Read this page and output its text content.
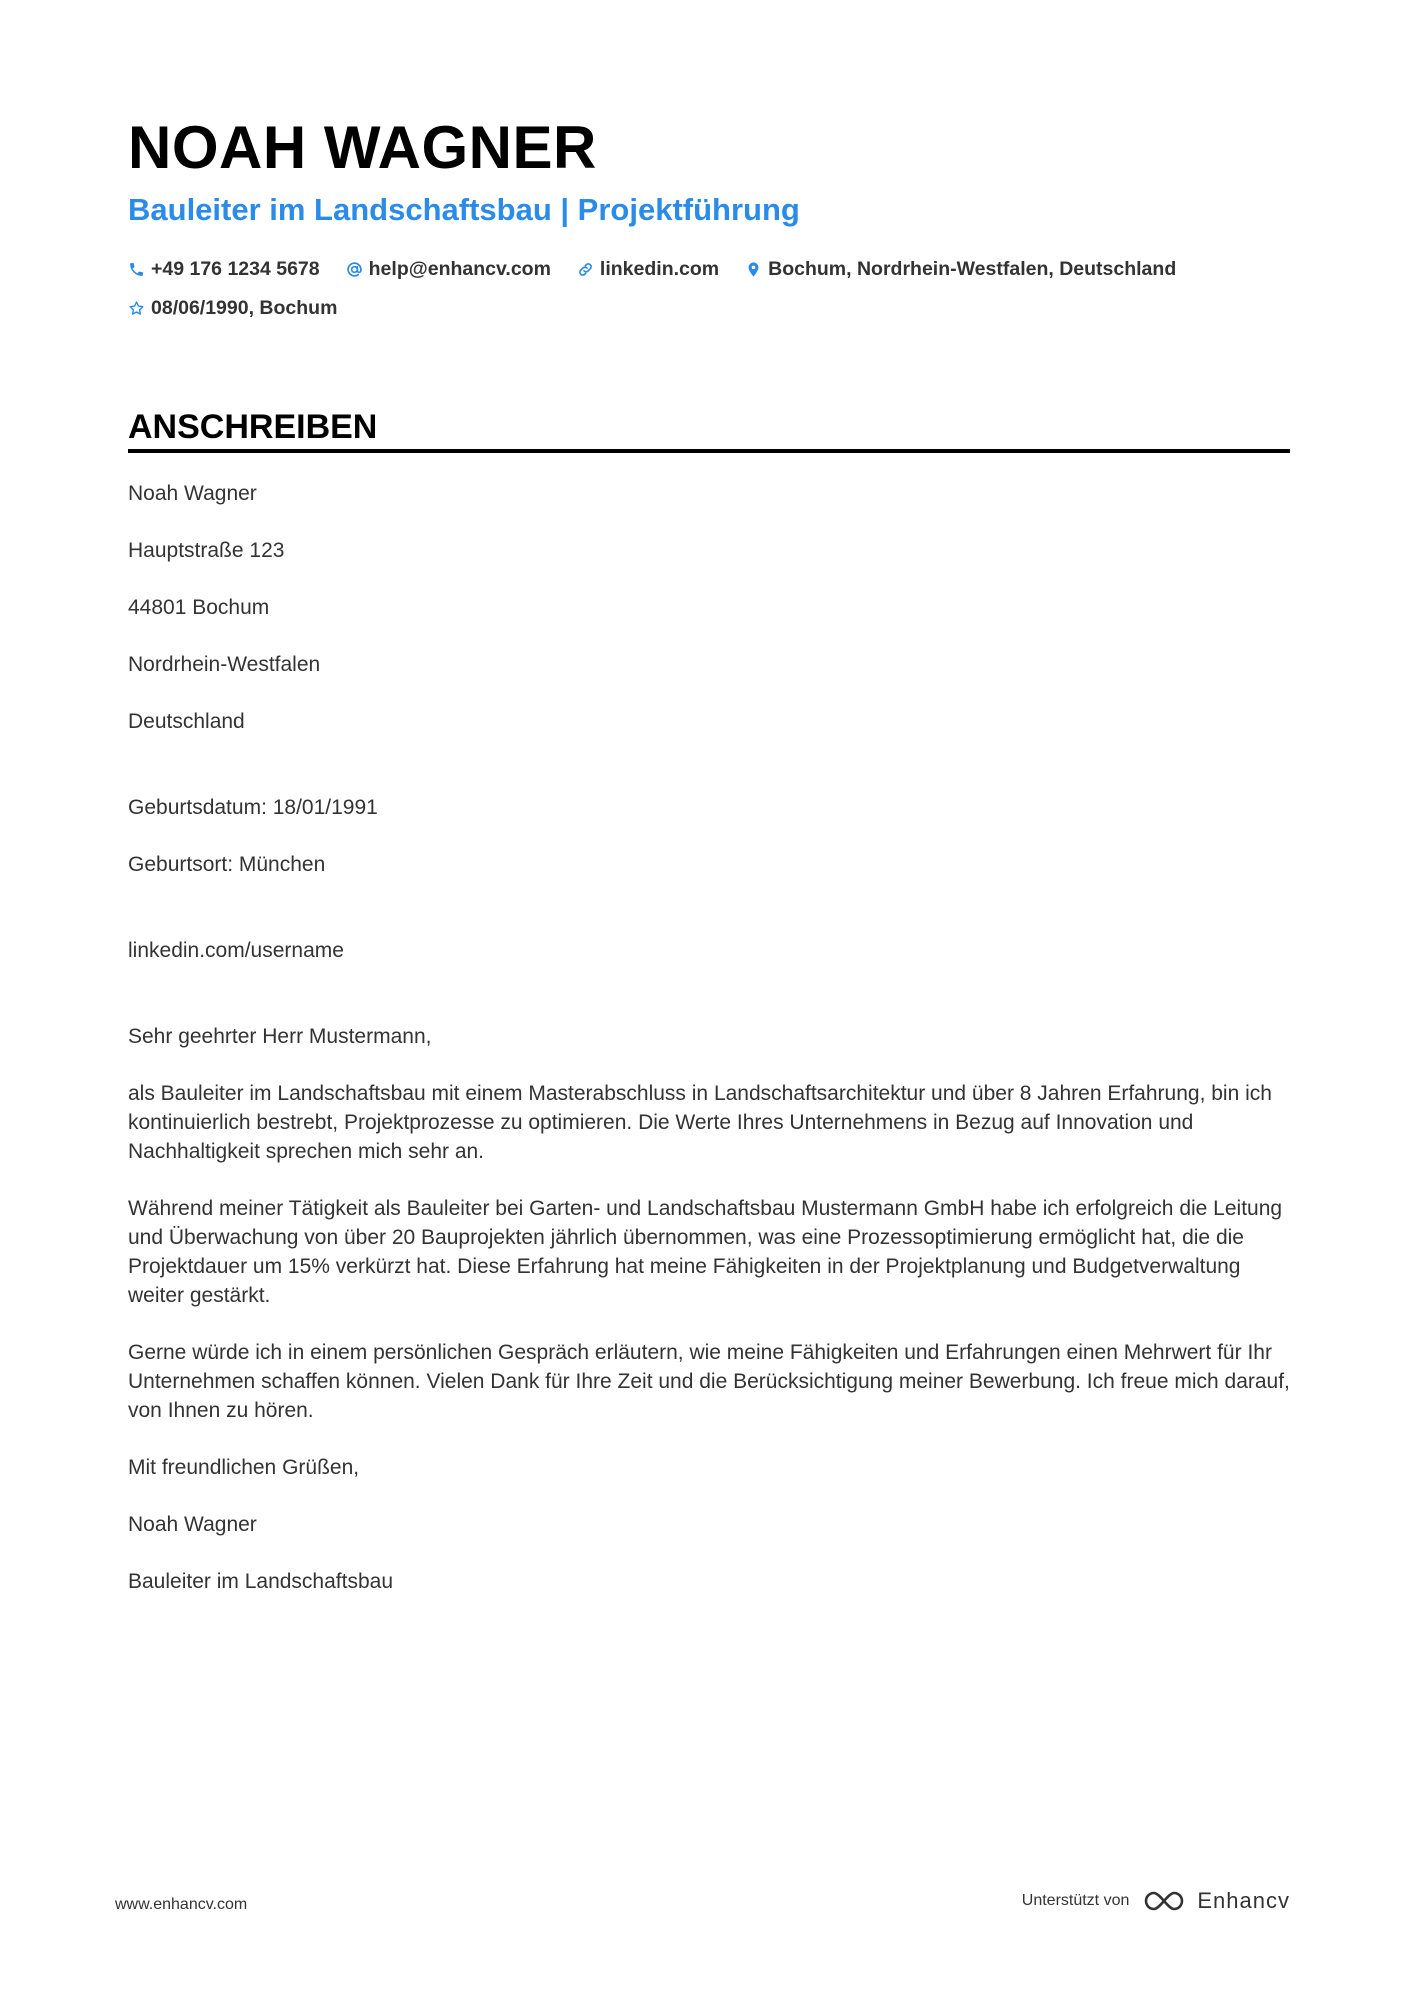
NOAH WAGNER
Bauleiter im Landschaftsbau | Projektführung
+49 176 1234 5678	help@enhancv.com	linkedin.com	Bochum, Nordrhein-Westfalen, Deutschland
08/06/1990, Bochum
ANSCHREIBEN

Noah Wagner

Hauptstraße 123

44801 Bochum

Nordrhein-Westfalen

Deutschland

Geburtsdatum: 18/01/1991

Geburtsort: München

linkedin.com/username

Sehr geehrter Herr Mustermann,

als Bauleiter im Landschaftsbau mit einem Masterabschluss in Landschaftsarchitektur und über 8 Jahren Erfahrung, bin ich kontinuierlich bestrebt, Projektprozesse zu optimieren. Die Werte Ihres Unternehmens in Bezug auf Innovation und Nachhaltigkeit sprechen mich sehr an.

Während meiner Tätigkeit als Bauleiter bei Garten- und Landschaftsbau Mustermann GmbH habe ich erfolgreich die Leitung und Überwachung von über 20 Bauprojekten jährlich übernommen, was eine Prozessoptimierung ermöglicht hat, die die Projektdauer um 15% verkürzt hat. Diese Erfahrung hat meine Fähigkeiten in der Projektplanung und Budgetverwaltung weiter gestärkt.

Gerne würde ich in einem persönlichen Gespräch erläutern, wie meine Fähigkeiten und Erfahrungen einen Mehrwert für Ihr Unternehmen schaffen können. Vielen Dank für Ihre Zeit und die Berücksichtigung meiner Bewerbung. Ich freue mich darauf, von Ihnen zu hören.

Mit freundlichen Grüßen,

Noah Wagner

Bauleiter im Landschaftsbau

www.enhancv.com	Unterstützt von	Enhancv
